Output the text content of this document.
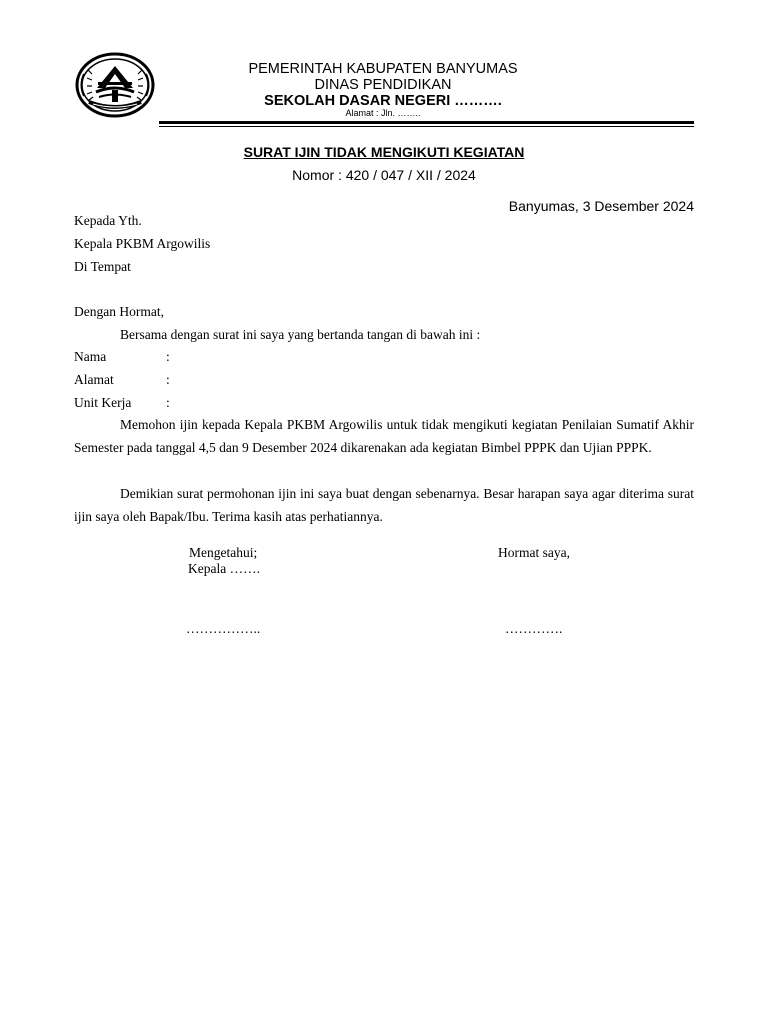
PEMERINTAH KABUPATEN BANYUMAS
DINAS PENDIDIKAN
SEKOLAH DASAR NEGERI ……….
Alamat : Jln. ……..
SURAT IJIN TIDAK MENGIKUTI KEGIATAN
Nomor : 420 / 047 / XII / 2024
Banyumas, 3 Desember 2024
Kepada Yth.
Kepala PKBM Argowilis
Di Tempat
Dengan Hormat,
Bersama dengan surat ini saya yang bertanda tangan di bawah ini :
Nama	:
Alamat	:
Unit Kerja	:

Memohon ijin kepada Kepala PKBM Argowilis untuk tidak mengikuti kegiatan Penilaian Sumatif Akhir Semester pada tanggal 4,5 dan 9 Desember 2024 dikarenakan ada kegiatan Bimbel PPPK dan Ujian PPPK.

Demikian surat permohonan ijin ini saya buat dengan sebenarnya. Besar harapan saya agar diterima surat ijin saya oleh Bapak/Ibu. Terima kasih atas perhatiannya.

Mengetahui;
Kepala …….
Hormat saya,
……………..	………….
